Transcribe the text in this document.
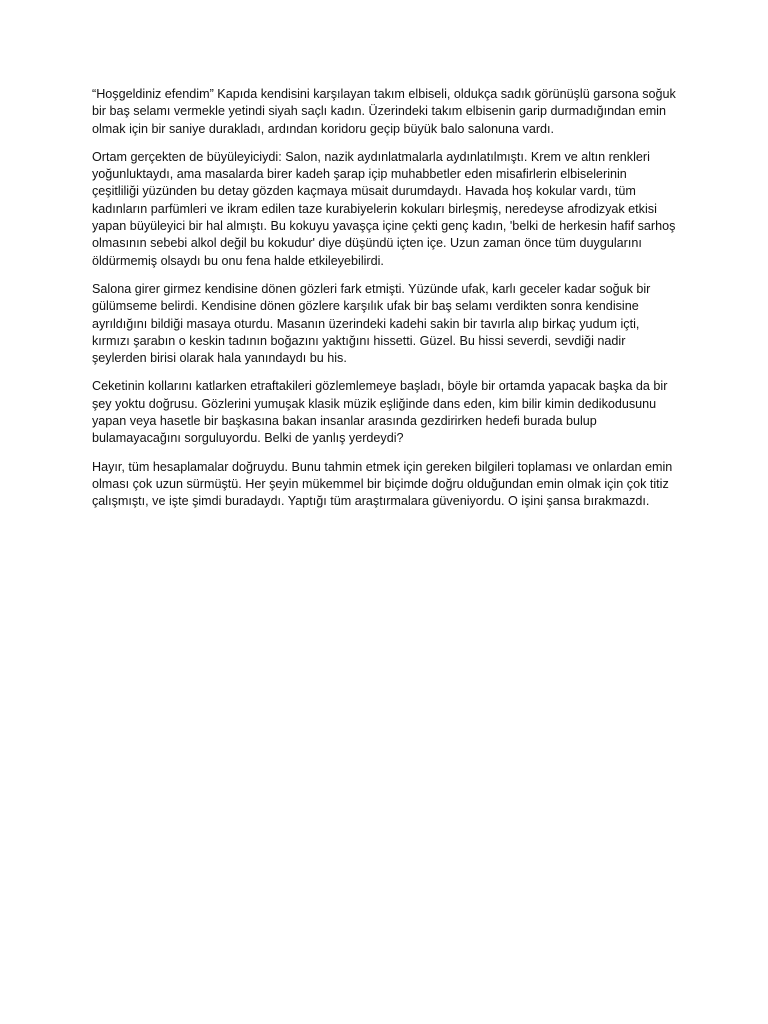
“Hoşgeldiniz efendim” Kapıda kendisini karşılayan takım elbiseli, oldukça sadık görünüşlü garsona soğuk bir baş selamı vermekle yetindi siyah saçlı kadın. Üzerindeki takım elbisenin garip durmadığından emin olmak için bir saniye durakladı, ardından koridoru geçip büyük balo salonuna vardı.

Ortam gerçekten de büyüleyiciydi: Salon, nazik aydınlatmalarla aydınlatılmıştı. Krem ve altın renkleri yoğunluktaydı, ama masalarda birer kadeh şarap içip muhabbetler eden misafirlerin elbiselerinin çeşitliliği yüzünden bu detay gözden kaçmaya müsait durumdaydı. Havada hoş kokular vardı, tüm kadınların parfümleri ve ikram edilen taze kurabiyelerin kokuları birleşmiş, neredeyse afrodizyak etkisi yapan büyüleyici bir hal almıştı. Bu kokuyu yavaşça içine çekti genç kadın, 'belki de herkesin hafif sarhoş olmasının sebebi alkol değil bu kokudur' diye düşündü içten içe. Uzun zaman önce tüm duygularını öldürmemiş olsaydı bu onu fena halde etkileyebilirdi.

Salona girer girmez kendisine dönen gözleri fark etmişti. Yüzünde ufak, karlı geceler kadar soğuk bir gülümseme belirdi. Kendisine dönen gözlere karşılık ufak bir baş selamı verdikten sonra kendisine ayrıldığını bildiği masaya oturdu. Masanın üzerindeki kadehi sakin bir tavırla alıp birkaç yudum içti, kırmızı şarabın o keskin tadının boğazını yaktığını hissetti. Güzel. Bu hissi severdi, sevdiği nadir şeylerden birisi olarak hala yanındaydı bu his.

Ceketinin kollarını katlarken etraftakileri gözlemlemeye başladı, böyle bir ortamda yapacak başka da bir şey yoktu doğrusu. Gözlerini yumuşak klasik müzik eşliğinde dans eden, kim bilir kimin dedikodusunu yapan veya hasetle bir başkasına bakan insanlar arasında gezdirirken hedefi burada bulup bulamayacağını sorguluyordu. Belki de yanlış yerdeydi?

Hayır, tüm hesaplamalar doğruydu. Bunu tahmin etmek için gereken bilgileri toplaması ve onlardan emin olması çok uzun sürmüştü. Her şeyin mükemmel bir biçimde doğru olduğundan emin olmak için çok titiz çalışmıştı, ve işte şimdi buradaydı. Yaptığı tüm araştırmalara güveniyordu. O işini şansa bırakmazdı.
